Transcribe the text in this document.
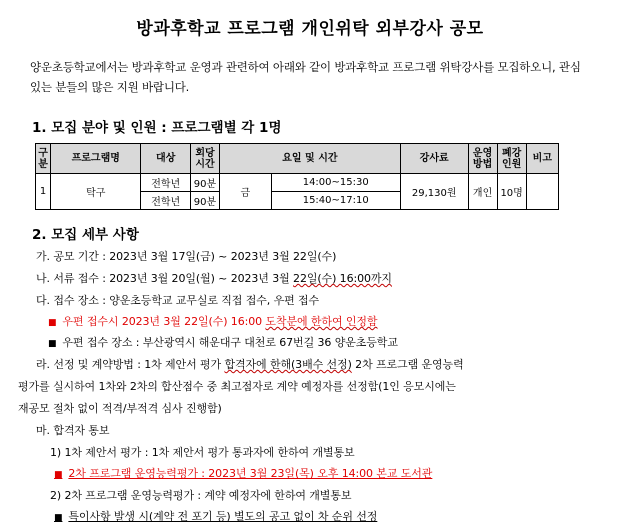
방과후학교 프로그램 개인위탁 외부강사 공모
양운초등학교에서는 방과후학교 운영과 관련하여 아래와 같이 방과후학교 프로그램 위탁강사를 모집하오니, 관심 있는 분들의 많은 지원 바랍니다.
1. 모집 분야 및 인원 : 프로그램별 각 1명
구분	프로그램명	대상	회당 시간	요일 및 시간		강사료	운영 방법	폐강 인원	비고
1	탁구	전학년	90분	금	14:00~15:30	29,130원	개인	10명	
		전학년	90분		15:40~17:10				
2. 모집 세부 사항
가. 공모 기간 : 2023년 3월 17일(금) ~ 2023년 3월 22일(수)
나. 서류 접수 : 2023년 3월 20일(월) ~ 2023년 3월 22일(수) 16:00까지
다. 접수 장소 : 양운초등학교 교무실로 직접 접수, 우편 접수
■ 우편 접수시 2023년 3월 22일(수) 16:00 도착분에 한하여 인정함
■ 우편 접수 장소 : 부산광역시 해운대구 대천로 67번길 36 양운초등학교
라. 선정 및 계약방법 : 1차 제안서 평가 합격자에 한해(3배수 선정) 2차 프로그램 운영능력
평가를 실시하여 1차와 2차의 합산점수 중 최고점자로 계약 예정자를 선정함(1인 응모시에는
재공모 절차 없이 적격/부적격 심사 진행함)
마. 합격자 통보
1) 1차 제안서 평가 : 1차 제안서 평가 통과자에 한하여 개별통보
■ 2차 프로그램 운영능력평가 : 2023년 3월 23일(목) 오후 14:00 본교 도서관
2) 2차 프로그램 운영능력평가 : 계약 예정자에 한하여 개별통보
■ 특이사항 발생 시(계약 전 포기 등) 별도의 공고 없이 차 순위 선정
